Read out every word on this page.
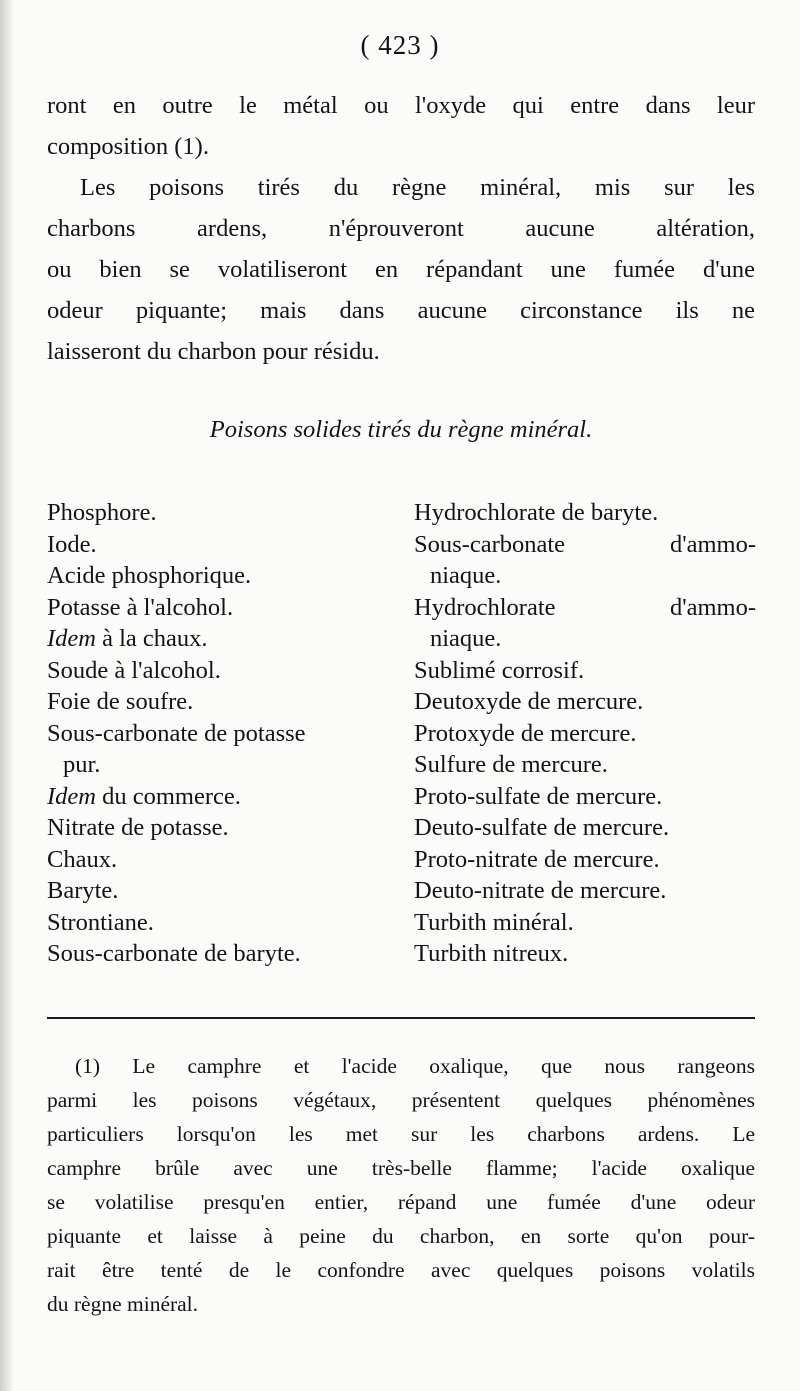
( 423 )

ront en outre le métal ou l'oxyde qui entre dans leur
composition (1).

Les poisons tirés du règne minéral, mis sur les

charbons ardens, n'éprouveront aucune altération,
ou bien se volatiliseront en répandant une fumée d'une
odeur piquante; mais dans aucune circonstance ils ne
laisseront du charbon pour résidu.

Poisons solides tirés du règne minéral.
Phosphore.
Iode.
Acide phosphorique.
Potasse à l'alcohol.
Idem à la chaux.
Soude à l'alcohol.
Foie de soufre.
Sous-carbonate de potasse
pur.
Idem du commerce.
Nitrate de potasse.
Chaux.
Baryte.
Strontiane.
Sous-carbonate de baryte.
Hydrochlorate de baryte.
Sous-carbonate	d'ammo-
niaque.
Hydrochlorate	d'ammo-
niaque.
Sublimé corrosif.
Deutoxyde de mercure.
Protoxyde de mercure.
Sulfure de mercure.
Proto-sulfate de mercure.
Deuto-sulfate de mercure.
Proto-nitrate de mercure.
Deuto-nitrate de mercure.
Turbith minéral.
Turbith nitreux.
(1) Le camphre et l'acide oxalique, que nous rangeons
parmi les poisons végétaux, présentent quelques phénomènes
particuliers lorsqu'on les met sur les charbons ardens. Le
camphre brûle avec une très-belle flamme; l'acide oxalique
se volatilise presqu'en entier, répand une fumée d'une odeur
piquante et laisse à peine du charbon, en sorte qu'on pour-
rait être tenté de le confondre avec quelques poisons volatils
du règne minéral.
